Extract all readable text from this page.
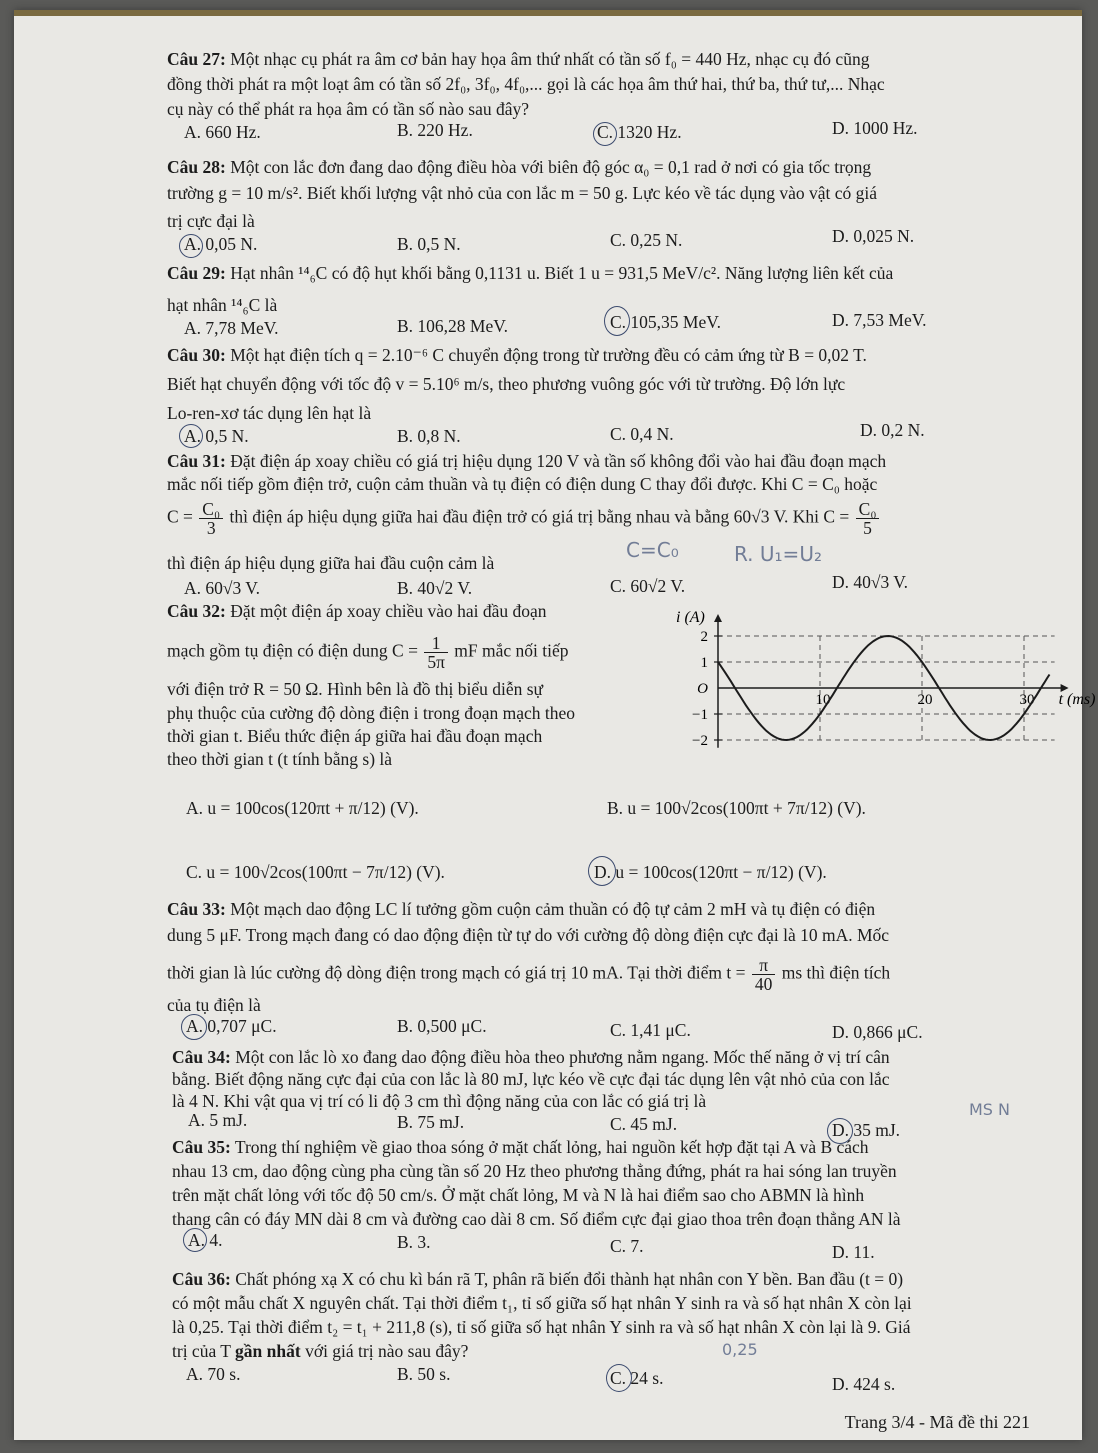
Câu 27: Một nhạc cụ phát ra âm cơ bản hay họa âm thứ nhất có tần số f₀ = 440 Hz, nhạc cụ đó cũng
đồng thời phát ra một loạt âm có tần số 2f₀, 3f₀, 4f₀,... gọi là các họa âm thứ hai, thứ ba, thứ tư,... Nhạc
cụ này có thể phát ra họa âm có tần số nào sau đây?
A. 660 Hz.	B. 220 Hz.	C. 1320 Hz.	D. 1000 Hz.
Câu 28: Một con lắc đơn đang dao động điều hòa với biên độ góc α₀ = 0,1 rad ở nơi có gia tốc trọng
trường g = 10 m/s². Biết khối lượng vật nhỏ của con lắc m = 50 g. Lực kéo về tác dụng vào vật có giá
trị cực đại là
A. 0,05 N.	B. 0,5 N.	C. 0,25 N.	D. 0,025 N.
Câu 29: Hạt nhân ¹⁴₆C có độ hụt khối bằng 0,1131 u. Biết 1 u = 931,5 MeV/c². Năng lượng liên kết của
hạt nhân ¹⁴₆C là
A. 7,78 MeV.	B. 106,28 MeV.	C. 105,35 MeV.	D. 7,53 MeV.
Câu 30: Một hạt điện tích q = 2.10⁻⁶ C chuyển động trong từ trường đều có cảm ứng từ B = 0,02 T.
Biết hạt chuyển động với tốc độ v = 5.10⁶ m/s, theo phương vuông góc với từ trường. Độ lớn lực
Lo-ren-xơ tác dụng lên hạt là
A. 0,5 N.	B. 0,8 N.	C. 0,4 N.	D. 0,2 N.
Câu 31: Đặt điện áp xoay chiều có giá trị hiệu dụng 120 V và tần số không đổi vào hai đầu đoạn mạch
mắc nối tiếp gồm điện trở, cuộn cảm thuần và tụ điện có điện dung C thay đổi được. Khi C = C₀ hoặc
$C = \frac{\text{C₀}}{3}$ thì điện áp hiệu dụng giữa hai đầu điện trở có giá trị bằng nhau và bằng 60√3 V. Khi $C = \frac{\text{C₀}}{5}$
thì điện áp hiệu dụng giữa hai đầu cuộn cảm là
A. 60√3 V.	B. 40√2 V.	C. 60√2 V.	D. 40√3 V.
C=C₀	R. U₁=U₂
Câu 32: Đặt một điện áp xoay chiều vào hai đầu đoạn
mạch gồm tụ điện có điện dung $C = \frac{1}{5\pi}$ mF mắc nối tiếp
với điện trở R = 50 Ω. Hình bên là đồ thị biểu diễn sự
phụ thuộc của cường độ dòng điện i trong đoạn mạch theo
thời gian t. Biểu thức điện áp giữa hai đầu đoạn mạch
theo thời gian t (t tính bằng s) là
A. u = 100cos(120πt + π/12) (V).	B. u = 100√2cos(100πt + 7π/12) (V).
C. u = 100√2cos(100πt − 7π/12) (V).	D. u = 100cos(120πt − π/12) (V).
2
1
O
−1
−2
10	20	30
i (A)
t (ms)
Câu 33: Một mạch dao động LC lí tưởng gồm cuộn cảm thuần có độ tự cảm 2 mH và tụ điện có điện
dung 5 μF. Trong mạch đang có dao động điện từ tự do với cường độ dòng điện cực đại là 10 mA. Mốc
thời gian là lúc cường độ dòng điện trong mạch có giá trị 10 mA. Tại thời điểm $t = \frac{\pi}{40}$ ms thì điện tích
của tụ điện là
A. 0,707 μC.	B. 0,500 μC.	C. 1,41 μC.	D. 0,866 μC.
Câu 34: Một con lắc lò xo đang dao động điều hòa theo phương nằm ngang. Mốc thế năng ở vị trí cân
bằng. Biết động năng cực đại của con lắc là 80 mJ, lực kéo về cực đại tác dụng lên vật nhỏ của con lắc
là 4 N. Khi vật qua vị trí có li độ 3 cm thì động năng của con lắc có giá trị là
A. 5 mJ.	B. 75 mJ.	C. 45 mJ.	D. 35 mJ.
MS N
Câu 35: Trong thí nghiệm về giao thoa sóng ở mặt chất lỏng, hai nguồn kết hợp đặt tại A và B cách
nhau 13 cm, dao động cùng pha cùng tần số 20 Hz theo phương thẳng đứng, phát ra hai sóng lan truyền
trên mặt chất lỏng với tốc độ 50 cm/s. Ở mặt chất lỏng, M và N là hai điểm sao cho ABMN là hình
thang cân có đáy MN dài 8 cm và đường cao dài 8 cm. Số điểm cực đại giao thoa trên đoạn thẳng AN là
A. 4.	B. 3.	C. 7.	D. 11.
Câu 36: Chất phóng xạ X có chu kì bán rã T, phân rã biến đổi thành hạt nhân con Y bền. Ban đầu (t = 0)
có một mẫu chất X nguyên chất. Tại thời điểm t₁, tỉ số giữa số hạt nhân Y sinh ra và số hạt nhân X còn lại
là 0,25. Tại thời điểm t₂ = t₁ + 211,8 (s), tỉ số giữa số hạt nhân Y sinh ra và số hạt nhân X còn lại là 9. Giá
trị của T gần nhất với giá trị nào sau đây?
A. 70 s.	B. 50 s.	C. 24 s.	D. 424 s.
0,25
Trang 3/4 - Mã đề thi 221
